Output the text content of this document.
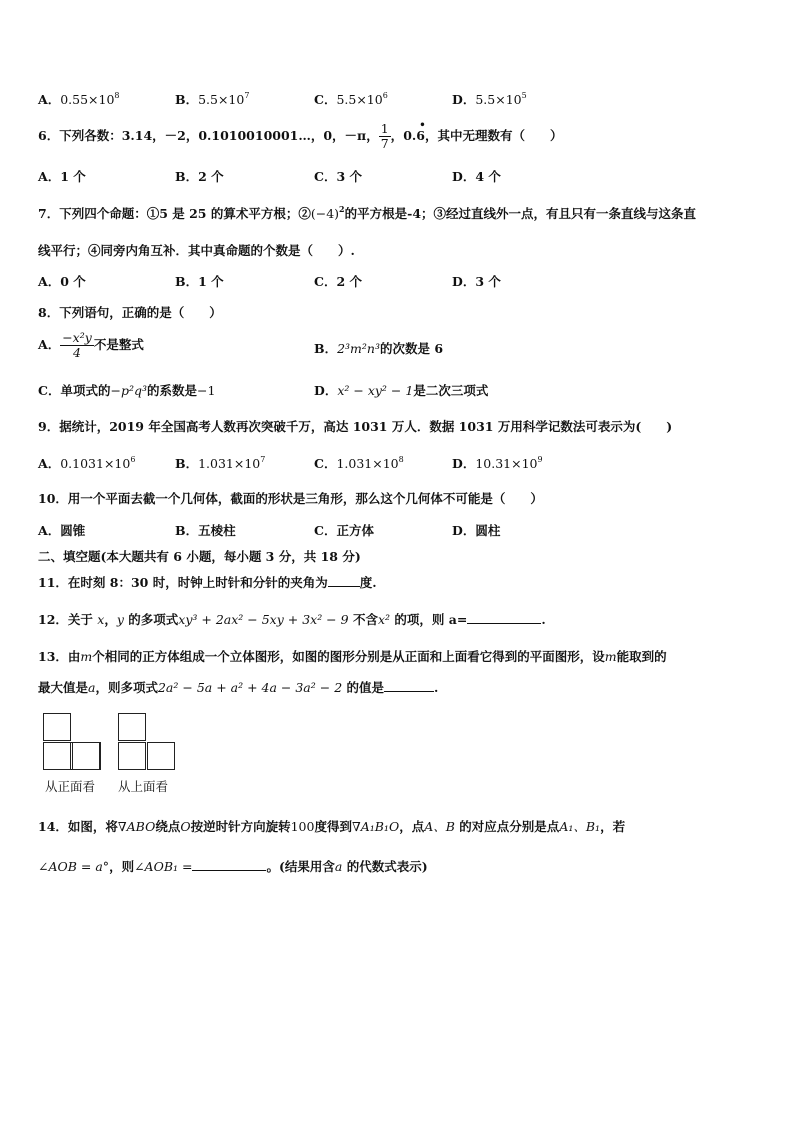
A．$0.55\times 10^8$	B．$5.5\times 10^7$	C．$5.5\times 10^6$	D．$5.5\times 10^5$
6．下列各数：3.14，－2，0.1010010001…，0，－π， $\frac{1}{7}$ ，0.6
•
，其中无理数有（　　）
A．1 个	B．2 个	C．3 个	D．4 个
7．下列四个命题：①5 是 25 的算术平方根；$②(-4)^2$的平方根是-4；③经过直线外一点，有且只有一条直线与这条直
线平行；④同旁内角互补．其中真命题的个数是（　　）.
A．0 个	B．1 个	C．2 个	D．3 个
8．下列语句，正确的是（　　）
A． $\frac{\text{−x²y}}{4}$ 不是整式	B．2³m²n³的次数是 6
C．单项式的−p²q³的系数是−1	D．x² − xy² − 1是二次三项式
9．据统计，2019 年全国高考人数再次突破千万，高达 1031 万人．数据 1031 万用科学记数法可表示为(　　)
A．$0.1031\times 10^6$	B．$1.031\times 10^7$	C．$1.031\times 10^8$	D．$10.31\times 10^9$
10．用一个平面去截一个几何体，截面的形状是三角形，那么这个几何体不可能是（　　）
A．圆锥	B．五棱柱	C．正方体	D．圆柱
二、填空题(本大题共有 6 小题，每小题 3 分，共 18 分)
11．在时刻 8：30 时，时钟上时针和分针的夹角为	度.
12．关于 x，y 的多项式xy³ + 2ax² − 5xy + 3x² − 9 不含x² 的项，则 a=	.
13．由m个相同的正方体组成一个立体图形，如图的图形分别是从正面和上面看它得到的平面图形，设m能取到的
最大值是a，则多项式2a² − 5a + a² + 4a − 3a² − 2 的值是	.
从正面看 从上面看
14．如图，将∇ABO绕点O按逆时针方向旋转100度得到∇A₁B₁O，点A、B 的对应点分别是点A₁、B₁，若
∠AOB = a°，则∠AOB₁ =	。(结果用含a 的代数式表示)
